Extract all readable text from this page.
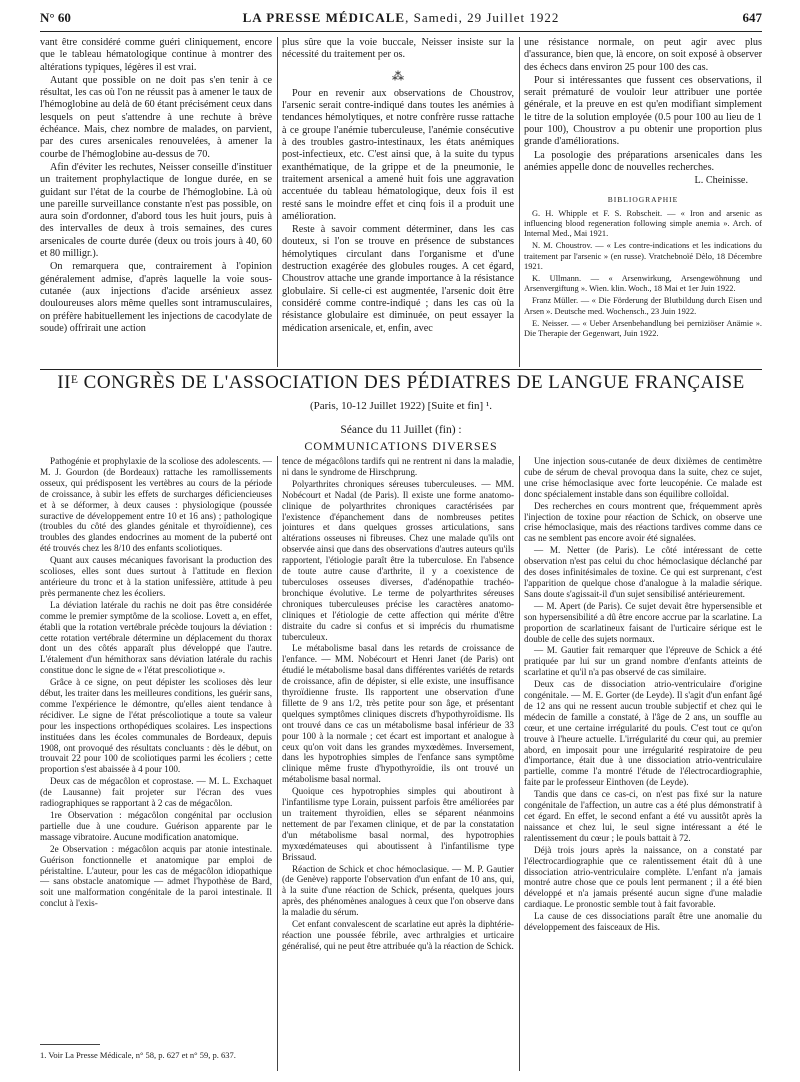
N° 60	LA PRESSE MÉDICALE, Samedi, 29 Juillet 1922	647

vant être considéré comme guéri cliniquement, encore que le tableau hématologique continue à montrer des altérations typiques, légères il est vrai.

Autant que possible on ne doit pas s'en tenir à ce résultat, les cas où l'on ne réussit pas à amener le taux de l'hémoglobine au delà de 60 étant précisément ceux dans lesquels on peut s'attendre à une rechute à brève échéance. Mais, chez nombre de malades, on parvient, par des cures arsenicales renouvelées, à amener la courbe de l'hémoglobine au-dessus de 70.

Afin d'éviter les rechutes, Neisser conseille d'instituer un traitement prophylactique de longue durée, en se guidant sur l'état de la courbe de l'hémoglobine. Là où une pareille surveillance constante n'est pas possible, on aura soin d'ordonner, d'abord tous les huit jours, puis à des intervalles de deux à trois semaines, des cures arsenicales de courte durée (deux ou trois jours à 40, 60 et 80 milligr.).

On remarquera que, contrairement à l'opinion généralement admise, d'après laquelle la voie sous-cutanée (aux injections d'acide arsénieux assez douloureuses alors même quelles sont intramusculaires, on préfère habituellement les injections de cacodylate de soude) offrirait une action

plus sûre que la voie buccale, Neisser insiste sur la nécessité du traitement per os.

⁂

Pour en revenir aux observations de Choustrov, l'arsenic serait contre-indiqué dans toutes les anémies à tendances hémolytiques, et notre confrère russe rattache à ce groupe l'anémie tuberculeuse, l'anémie consécutive à des troubles gastro-intestinaux, les états anémiques post-infectieux, etc. C'est ainsi que, à la suite du typus exanthématique, de la grippe et de la pneumonie, le traitement arsenical a amené huit fois une aggravation accentuée du tableau hématologique, deux fois il est resté sans le moindre effet et cinq fois il a produit une amélioration.

Reste à savoir comment déterminer, dans les cas douteux, si l'on se trouve en présence de substances hémolytiques circulant dans l'organisme et d'une destruction exagérée des globules rouges. A cet égard, Choustrov attache une grande importance à la résistance globulaire. Si celle-ci est augmentée, l'arsenic doit être considéré comme contre-indiqué ; dans les cas où la résistance globulaire est diminuée, on peut essayer la médication arsenicale, et, enfin, avec

une résistance normale, on peut agir avec plus d'assurance, bien que, là encore, on soit exposé à observer des échecs dans environ 25 pour 100 des cas.

Pour si intéressantes que fussent ces observations, il serait prématuré de vouloir leur attribuer une portée générale, et la preuve en est qu'en modifiant simplement le titre de la solution employée (0.5 pour 100 au lieu de 1 pour 100), Choustrov a pu obtenir une proportion plus grande d'améliorations.

La posologie des préparations arsenicales dans les anémies appelle donc de nouvelles recherches.

L. Cheinisse.
BIBLIOGRAPHIE

G. H. Whipple et F. S. Robscheit. — « Iron and arsenic as influencing blood regeneration following simple anemia ». Arch. of Internal Med., Mai 1921.

N. M. Choustrov. — « Les contre-indications et les indications du traitement par l'arsenic » (en russe). Vratchebnoïé Dèlo, 18 Décembre 1921.

K. Ullmann. — « Arsenwirkung, Arsengewöhnung und Arsenvergiftung ». Wien. klin. Woch., 18 Mai et 1er Juin 1922.

Franz Müller. — « Die Förderung der Blutbildung durch Eisen und Arsen ». Deutsche med. Wochensch., 23 Juin 1922.

E. Neisser. — « Ueber Arsenbehandlung bei perniziöser Anämie ». Die Therapie der Gegenwart, Juin 1922.

IIᴱ CONGRÈS DE L'ASSOCIATION DES PÉDIATRES DE LANGUE FRANÇAISE
(Paris, 10-12 Juillet 1922) [Suite et fin] ¹.
Séance du 11 Juillet (fin) :
COMMUNICATIONS DIVERSES

Pathogénie et prophylaxie de la scoliose des adolescents. — M. J. Gourdon (de Bordeaux) rattache les ramollissements osseux, qui prédisposent les vertèbres au cours de la période de croissance, à subir les effets de surcharges déficiencieuses et à se déformer, à deux causes : physiologique (poussée suractive de développement entre 10 et 16 ans) ; pathologique (troubles du côté des glandes génitale et thyroïdienne), ces troubles des glandes endocrines au moment de la puberté ont été trouvés chez les 8/10 des enfants scoliotiques.

Quant aux causes mécaniques favorisant la production des scolioses, elles sont dues surtout à l'attitude en flexion antérieure du tronc et à la station unifessière, attitude à peu près permanente chez les écoliers.

La déviation latérale du rachis ne doit pas être considérée comme le premier symptôme de la scoliose. Lovett a, en effet, établi que la rotation vertébrale précède toujours la déviation : cette rotation vertébrale détermine un déplacement du thorax dont un des côtés apparaît plus développé que l'autre. L'étalement d'un hémithorax sans déviation latérale du rachis constitue donc le signe de « l'état prescoliotique ».

Grâce à ce signe, on peut dépister les scolioses dès leur début, les traiter dans les meilleures conditions, les guérir sans, comme l'expérience le démontre, qu'elles aient tendance à récidiver. Le signe de l'état préscoliotique a toute sa valeur pour les inspections orthopédiques scolaires. Les inspections instituées dans les écoles communales de Bordeaux, depuis 1908, ont provoqué des résultats concluants : dès le début, on trouvait 22 pour 100 de scoliotiques parmi les écoliers ; cette proportion s'est abaissée à 4 pour 100.

Deux cas de mégacôlon et coprostase. — M. L. Exchaquet (de Lausanne) fait projeter sur l'écran des vues radiographiques se rapportant à 2 cas de mégacôlon.

1re Observation : mégacôlon congénital par occlusion partielle due à une coudure. Guérison apparente par le massage vibratoire. Aucune modification anatomique.

2e Observation : mégacôlon acquis par atonie intestinale. Guérison fonctionnelle et anatomique par emploi de péristaltine. L'auteur, pour les cas de mégacôlon idiopathique — sans obstacle anatomique — admet l'hypothèse de Bard, soit une malformation congénitale de la paroi intestinale. Il conclut à l'exis-

tence de mégacôlons tardifs qui ne rentrent ni dans la maladie, ni dans le syndrome de Hirschprung.

Polyarthrites chroniques séreuses tuberculeuses. — MM. Nobécourt et Nadal (de Paris). Il existe une forme anatomo-clinique de polyarthrites chroniques caractérisées par l'existence d'épanchement dans de nombreuses petites jointures et dans quelques grosses articulations, sans altérations osseuses ni fibreuses. Chez une malade qu'ils ont observée ainsi que dans des observations d'autres auteurs qu'ils rapportent, l'étiologie paraît être la tuberculose. En l'absence de toute autre cause d'arthrite, il y a coexistence de tuberculoses osseuses diverses, d'adénopathie trachéo-bronchique évolutive. Le terme de polyarthrites séreuses chroniques tuberculeuses précise les caractères anatomo-cliniques et l'étiologie de cette affection qui mérite d'être distraite du cadre si confus et si imprécis du rhumatisme tuberculeux.

Le métabolisme basal dans les retards de croissance de l'enfance. — MM. Nobécourt et Henri Janet (de Paris) ont étudié le métabolisme basal dans différentes variétés de retards de croissance, afin de dépister, si elle existe, une insuffisance thyroïdienne fruste. Ils rapportent une observation d'une fillette de 9 ans 1/2, très petite pour son âge, et présentant quelques symptômes cliniques discrets d'hypothyroïdisme. Ils ont trouvé dans ce cas un métabolisme basal inférieur de 33 pour 100 à la normale ; cet écart est important et analogue à ceux qu'on voit dans les grandes myxœdèmes. Inversement, dans les hypotrophies simples de l'enfance sans symptôme clinique même fruste d'hypothyroïdie, ils ont trouvé un métabolisme basal normal.

Quoique ces hypotrophies simples qui aboutiront à l'infantilisme type Lorain, puissent parfois être améliorées par un traitement thyroïdien, elles se séparent néanmoins nettement de par l'examen clinique, et de par la constatation d'un métabolisme basal normal, des hypotrophies myxœdémateuses qui aboutissent à l'infantilisme type Brissaud.

Réaction de Schick et choc hémoclasique. — M. P. Gautier (de Genève) rapporte l'observation d'un enfant de 10 ans, qui, à la suite d'une réaction de Schick, présenta, quelques jours après, des phénomènes analogues à ceux que l'on observe dans la maladie du sérum.

Cet enfant convalescent de scarlatine eut après la diphtérie-réaction une poussée fébrile, avec arthralgies et urticaire généralisé, qui ne peut être attribuée qu'à la réaction de Schick.

Une injection sous-cutanée de deux dixièmes de centimètre cube de sérum de cheval provoqua dans la suite, chez ce sujet, une crise hémoclasique avec forte leucopénie. Ce malade est donc spécialement instable dans son équilibre colloïdal.

Des recherches en cours montrent que, fréquemment après l'injection de toxine pour réaction de Schick, on observe une crise hémoclasique, mais des réactions tardives comme dans ce cas ne semblent pas encore avoir été signalées.

— M. Netter (de Paris). Le côté intéressant de cette observation n'est pas celui du choc hémoclasique déclanché par des doses infinitésimales de toxine. Ce qui est surprenant, c'est l'apparition de quelque chose d'analogue à la maladie sérique. Sans doute s'agissait-il d'un sujet sensibilisé antérieurement.

— M. Apert (de Paris). Ce sujet devait être hypersensible et son hypersensibilité a dû être encore accrue par la scarlatine. La proportion de scarlatineux faisant de l'urticaire sérique est le double de celle des sujets normaux.

— M. Gautier fait remarquer que l'épreuve de Schick a été pratiquée par lui sur un grand nombre d'enfants atteints de scarlatine et qu'il n'a pas observé de cas similaire.

Deux cas de dissociation atrio-ventriculaire d'origine congénitale. — M. E. Gorter (de Leyde). Il s'agit d'un enfant âgé de 12 ans qui ne ressent aucun trouble subjectif et chez qui le médecin de famille a constaté, à l'âge de 2 ans, un souffle au cœur, et une certaine irrégularité du pouls. C'est tout ce qu'on trouve à l'heure actuelle. L'irrégularité du cœur qui, au premier abord, en imposait pour une irrégularité respiratoire de peu d'importance, était due à une dissociation atrio-ventriculaire partielle, comme l'a montré l'étude de l'électrocardiographie, faite par le professeur Einthoven (de Leyde).

Tandis que dans ce cas-ci, on n'est pas fixé sur la nature congénitale de l'affection, un autre cas a été plus démonstratif à cet égard. En effet, le second enfant a été vu aussitôt après la naissance et chez lui, le seul signe intéressant a été le ralentissement du cœur ; le pouls battait à 72.

Déjà trois jours après la naissance, on a constaté par l'électrocardiographie que ce ralentissement était dû à une dissociation atrio-ventriculaire complète. L'enfant n'a jamais montré autre chose que ce pouls lent permanent ; il a été bien développé et n'a jamais présenté aucun signe d'une maladie cardiaque. Le pronostic semble tout à fait favorable.

La cause de ces dissociations paraît être une anomalie du développement des faisceaux de His.

1. Voir La Presse Médicale, n° 58, p. 627 et n° 59, p. 637.
